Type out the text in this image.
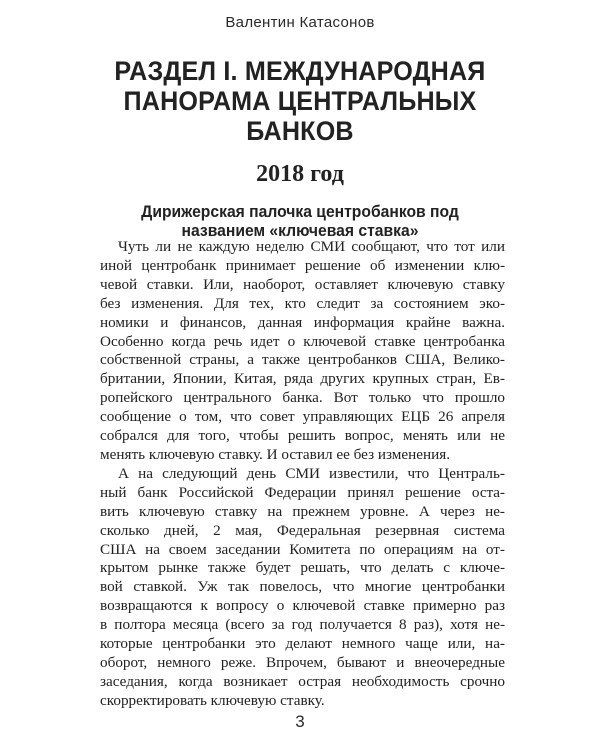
Валентин Катасонов
РАЗДЕЛ I. МЕЖДУНАРОДНАЯ
ПАНОРАМА ЦЕНТРАЛЬНЫХ
БАНКОВ
2018 год
Дирижерская палочка центробанков под
названием «ключевая ставка»
Чуть ли не каждую неделю СМИ сообщают, что тот или
иной центробанк принимает решение об изменении клю-
чевой ставки. Или, наоборот, оставляет ключевую ставку
без изменения. Для тех, кто следит за состоянием эко-
номики и финансов, данная информация крайне важна.
Особенно когда речь идет о ключевой ставке центробанка
собственной страны, а также центробанков США, Велико-
британии, Японии, Китая, ряда других крупных стран, Ев-
ропейского центрального банка. Вот только что прошло
сообщение о том, что совет управляющих ЕЦБ 26 апреля
собрался для того, чтобы решить вопрос, менять или не
менять ключевую ставку. И оставил ее без изменения.
А на следующий день СМИ известили, что Централь-
ный банк Российской Федерации принял решение остa-
вить ключевую ставку на прежнем уровне. А через не-
сколько дней, 2 мая, Федеральная резервная система
США на своем заседании Комитета по операциям на от-
крытом рынке также будет решать, что делать с ключе-
вой ставкой. Уж так повелось, что многие центробанки
возвращаются к вопросу о ключевой ставке примерно раз
в полтора месяца (всего за год получается 8 раз), хотя не-
которые центробанки это делают немного чаще или, на-
оборот, немного реже. Впрочем, бывают и внеочередные
заседания, когда возникает острая необходимость срочно
скорректировать ключевую ставку.
3
